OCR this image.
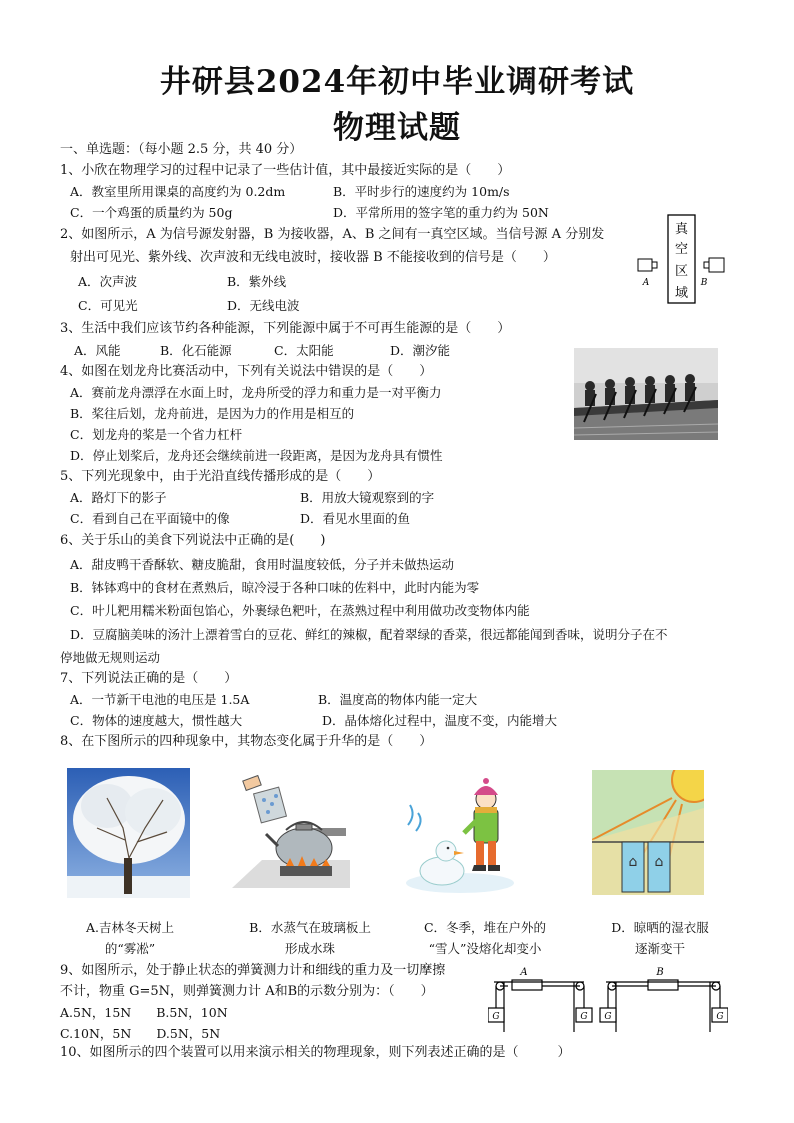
井研县2024年初中毕业调研考试
物理试题
一、单选题：（每小题 2.5 分，共 40 分）
1、小欣在物理学习的过程中记录了一些估计值，其中最接近实际的是（　　）
A．教室里所用课桌的高度约为 0.2dm	B．平时步行的速度约为 10m/s
C．一个鸡蛋的质量约为 50g	D．平常所用的签字笔的重力约为 50N
2、如图所示，A 为信号源发射器，B 为接收器，A、B 之间有一真空区域。当信号源 A 分别发
射出可见光、紫外线、次声波和无线电波时，接收器 B 不能接收到的信号是（　　）
A．次声波	B．紫外线
C．可见光	D．无线电波
真
空
区
域
A	B
3、生活中我们应该节约各种能源，下列能源中属于不可再生能源的是（　　）
A．风能	B．化石能源	C．太阳能	D．潮汐能
4、如图在划龙舟比赛活动中，下列有关说法中错误的是（　　）
A．赛前龙舟漂浮在水面上时，龙舟所受的浮力和重力是一对平衡力
B．桨往后划，龙舟前进，是因为力的作用是相互的
C．划龙舟的桨是一个省力杠杆
D．停止划桨后，龙舟还会继续前进一段距离，是因为龙舟具有惯性
5、下列光现象中，由于光沿直线传播形成的是（　　）
A．路灯下的影子	B．用放大镜观察到的字
C．看到自己在平面镜中的像	D．看见水里面的鱼
6、关于乐山的美食下列说法中正确的是(　　)
A．甜皮鸭干香酥软、糖皮脆甜，食用时温度较低，分子并未做热运动
B．钵钵鸡中的食材在煮熟后，晾冷浸于各种口味的佐料中，此时内能为零
C．叶儿粑用糯米粉面包馅心，外裹绿色粑叶，在蒸熟过程中利用做功改变物体内能
D．豆腐脑美味的汤汁上漂着雪白的豆花、鲜红的辣椒，配着翠绿的香菜，很远都能闻到香味，说明分子在不
停地做无规则运动
7、下列说法正确的是（　　）
A．一节新干电池的电压是 1.5A	B．温度高的物体内能一定大
C．物体的速度越大，惯性越大	D．晶体熔化过程中，温度不变，内能增大
8、在下图所示的四种现象中，其物态变化属于升华的是（　　）
⌂ ⌂
A.吉林冬天树上
的“雾凇”
B．水蒸气在玻璃板上
形成水珠
C．冬季，堆在户外的
“雪人”没熔化却变小
D．晾晒的湿衣服
逐渐变干
9、如图所示，处于静止状态的弹簧测力计和细线的重力及一切摩擦
不计，物重 G=5N，则弹簧测力计 A和B的示数分别为：（　　）
A.5N，15N　　B.5N，10N
C.10N，5N　　D.5N，5N
A
G	G
B
G	G
10、如图所示的四个装置可以用来演示相关的物理现象，则下列表述正确的是（　　　）
